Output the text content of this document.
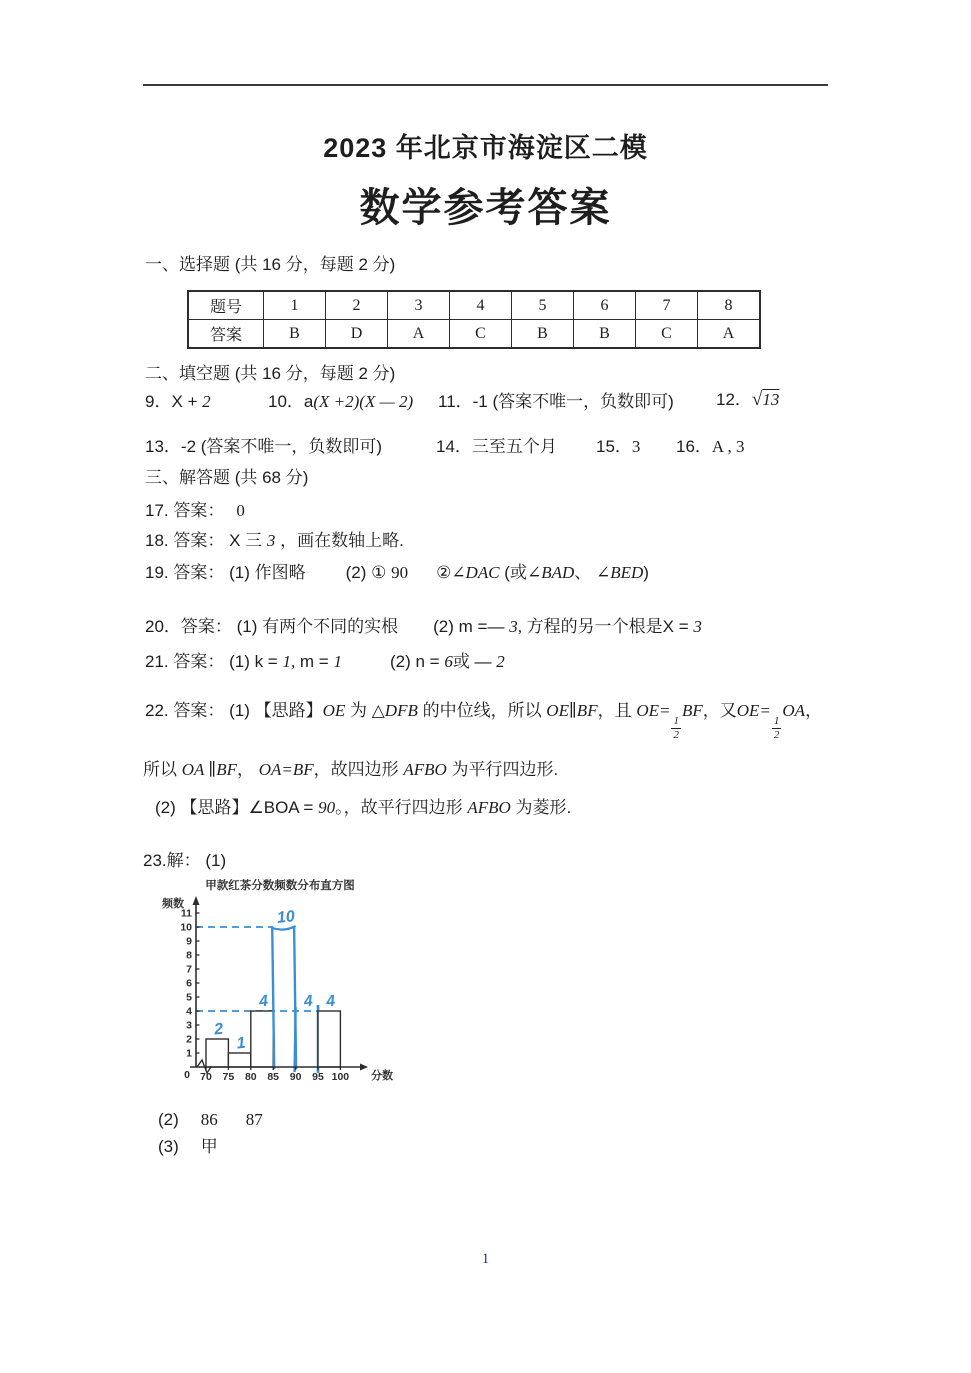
2023 年北京市海淀区二模
数学参考答案
一、选择题 (共 16 分，每题 2 分)
题号	1	2	3	4	5	6	7	8
答案	B	D	A	C	B	B	C	A
二、填空题 (共 16 分，每题 2 分)
9．X + 2	10．a(X +2)(X — 2) 11．-1 (答案不唯一，负数即可) 12．√13
13．-2 (答案不唯一，负数即可)	14．三至五个月 15．3 16．A , 3
三、解答题 (共 68 分)
17. 答案： 0
18. 答案： X 三 3 ，画在数轴上略.
19. 答案： (1) 作图略 (2) ① 90 ②∠DAC (或∠BAD、 ∠BED)
20．答案： (1) 有两个不同的实根 (2) m =— 3, 方程的另一个根是X = 3
21. 答案： (1) k = 1, m = 1	(2) n = 6或 — 2
22. 答案： (1) 【思路】OE 为 △DFB 的中位线，所以 OE∥BF，且 OE=
$\frac{1}{2}$
BF，又OE=
$\frac{1}{2}$
OA，
所以 OA ∥BF， OA=BF，故四边形 AFBO 为平行四边形.
(2) 【思路】∠BOA = 90。，故平行四边形 AFBO 为菱形.
23.解： (1)
0
1
2
3
4
5
6
7
8
9
10
11
70 75 80 85 90 95 100
甲款红茶分数频数分布直方图
频数
分数
2
1
4
10
4 4
(2) 86 87
(3) 甲
1
